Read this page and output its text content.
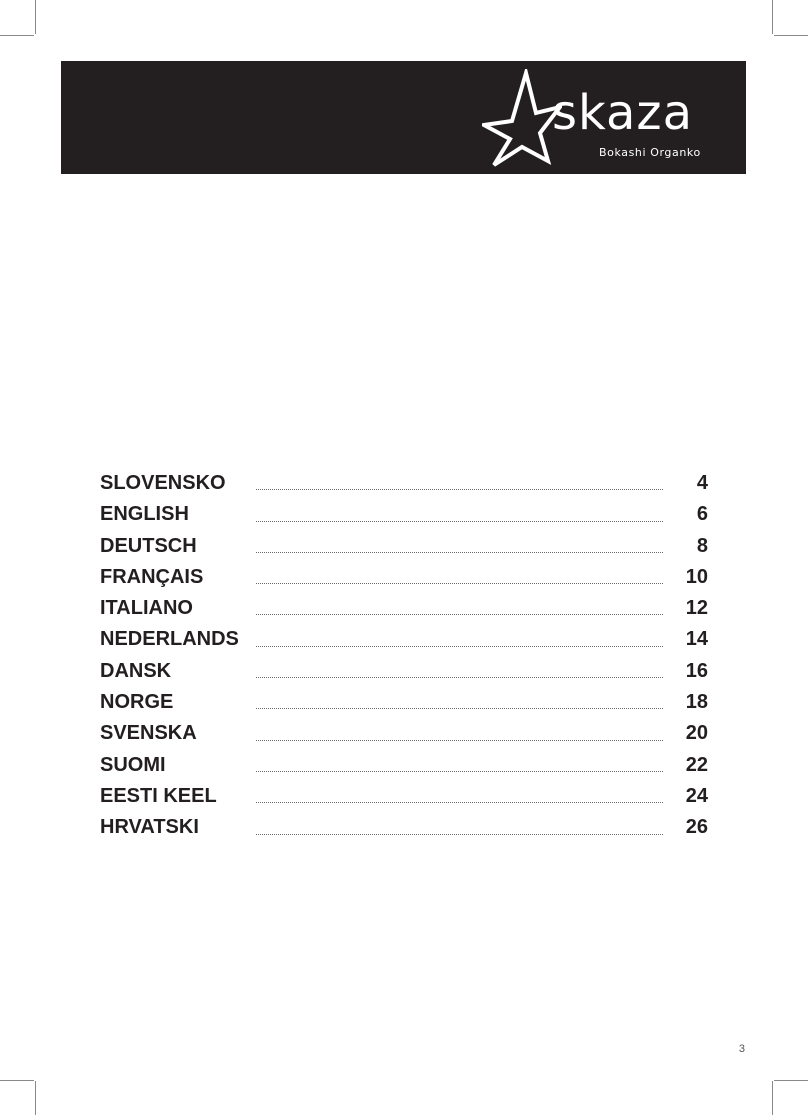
skaza
Bokashi Organko
SLOVENSKO	4
ENGLISH	6
DEUTSCH	8
FRANÇAIS	10
ITALIANO	12
NEDERLANDS	14
DANSK	16
NORGE	18
SVENSKA	20
SUOMI	22
EESTI KEEL	24
HRVATSKI	26
3
